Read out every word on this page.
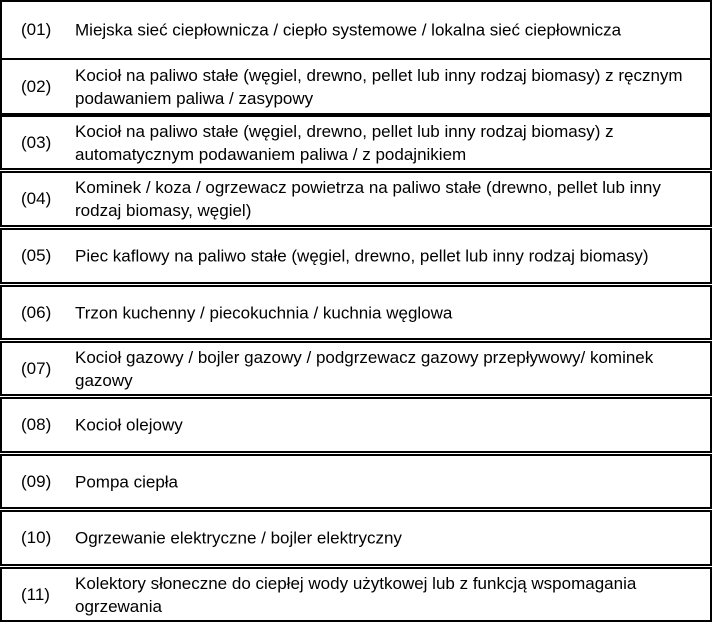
(01) Miejska sieć ciepłownicza / ciepło systemowe / lokalna sieć ciepłownicza
(02)
Kocioł na paliwo stałe (węgiel, drewno, pellet lub inny rodzaj biomasy) z ręcznym podawaniem paliwa / zasypowy
(03)
Kocioł na paliwo stałe (węgiel, drewno, pellet lub inny rodzaj biomasy) z automatycznym podawaniem paliwa / z podajnikiem
(04)
Kominek / koza / ogrzewacz powietrza na paliwo stałe (drewno, pellet lub inny rodzaj biomasy, węgiel)
(05) Piec kaflowy na paliwo stałe (węgiel, drewno, pellet lub inny rodzaj biomasy)
(06) Trzon kuchenny / piecokuchnia / kuchnia węglowa
(07)
Kocioł gazowy / bojler gazowy / podgrzewacz gazowy przepływowy/ kominek gazowy
(08) Kocioł olejowy
(09) Pompa ciepła
(10) Ogrzewanie elektryczne / bojler elektryczny
(11)
Kolektory słoneczne do ciepłej wody użytkowej lub z funkcją wspomagania ogrzewania
